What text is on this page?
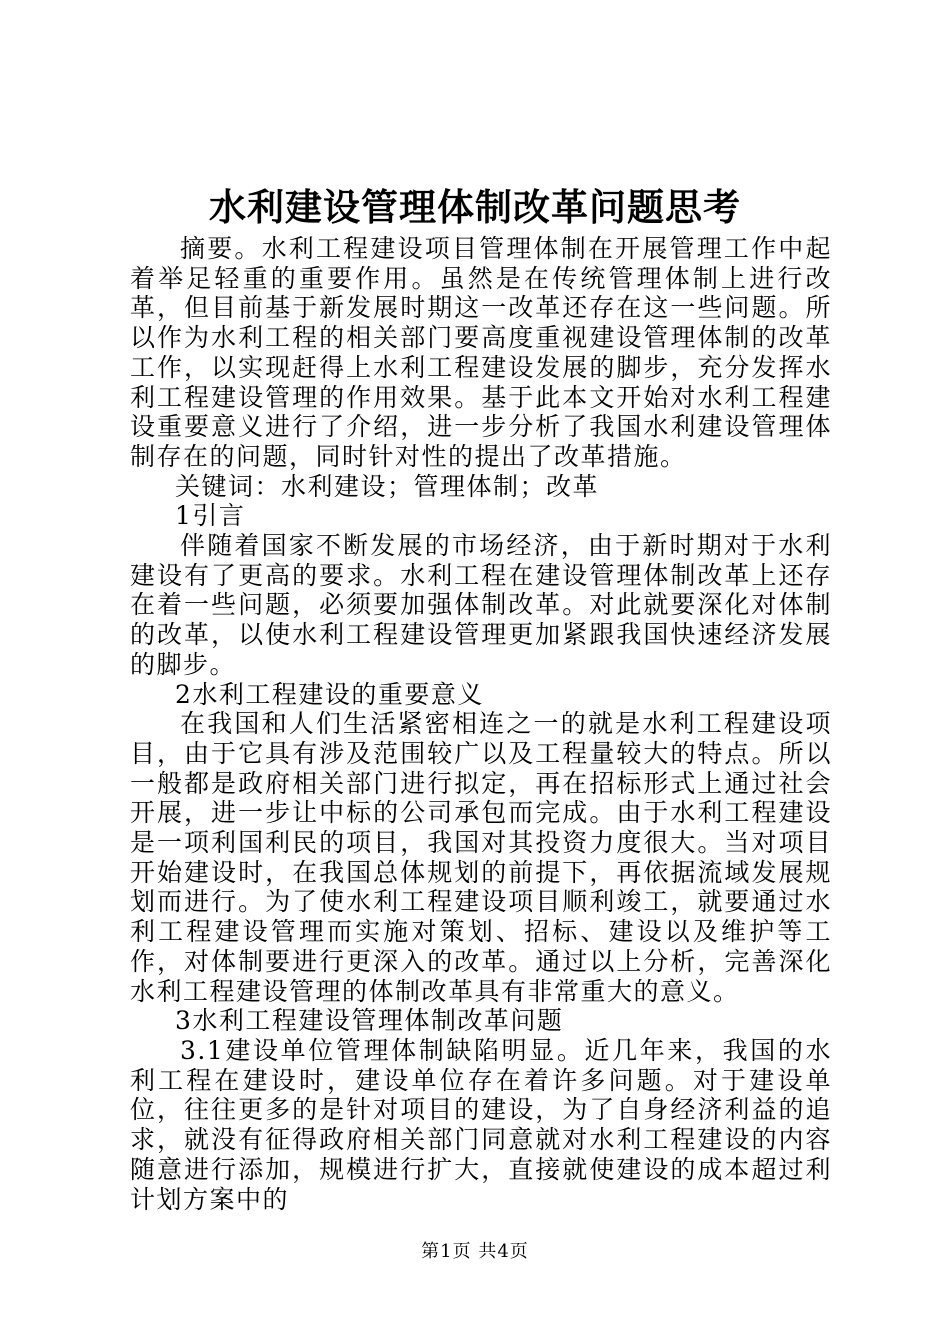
水利建设管理体制改革问题思考

摘要。水利工程建设项目管理体制在开展管理工作中起着举足轻重的重要作用。虽然是在传统管理体制上进行改革，但目前基于新发展时期这一改革还存在这一些问题。所以作为水利工程的相关部门要高度重视建设管理体制的改革工作，以实现赶得上水利工程建设发展的脚步，充分发挥水利工程建设管理的作用效果。基于此本文开始对水利工程建设重要意义进行了介绍，进一步分析了我国水利建设管理体制存在的问题，同时针对性的提出了改革措施。

关键词：水利建设；管理体制；改革

1引言

伴随着国家不断发展的市场经济，由于新时期对于水利建设有了更高的要求。水利工程在建设管理体制改革上还存在着一些问题，必须要加强体制改革。对此就要深化对体制的改革，以使水利工程建设管理更加紧跟我国快速经济发展的脚步。

2水利工程建设的重要意义

在我国和人们生活紧密相连之一的就是水利工程建设项目，由于它具有涉及范围较广以及工程量较大的特点。所以一般都是政府相关部门进行拟定，再在招标形式上通过社会开展，进一步让中标的公司承包而完成。由于水利工程建设是一项利国利民的项目，我国对其投资力度很大。当对项目开始建设时，在我国总体规划的前提下，再依据流域发展规划而进行。为了使水利工程建设项目顺利竣工，就要通过水利工程建设管理而实施对策划、招标、建设以及维护等工作，对体制要进行更深入的改革。通过以上分析，完善深化水利工程建设管理的体制改革具有非常重大的意义。

3水利工程建设管理体制改革问题

3.1建设单位管理体制缺陷明显。近几年来，我国的水利工程在建设时，建设单位存在着许多问题。对于建设单位，往往更多的是针对项目的建设，为了自身经济利益的追求，就没有征得政府相关部门同意就对水利工程建设的内容随意进行添加，规模进行扩大，直接就使建设的成本超过利计划方案中的

第1页 共4页
